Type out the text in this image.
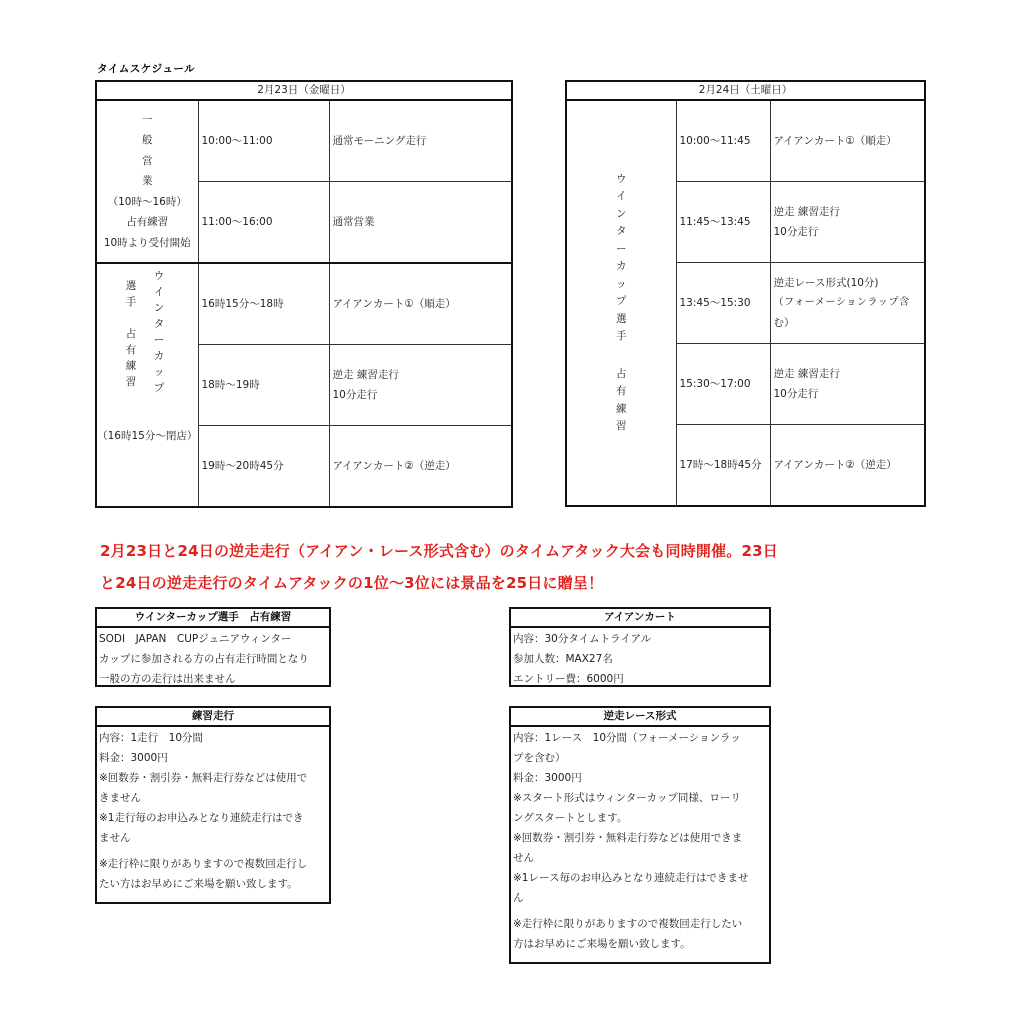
タイムスケジュール
2月23日（金曜日）		

一
般
営
業
（10時〜16時）
占有練習
10時より受付開始
	10:00〜11:00	通常モーニング走行

	11:00〜16:00	通常営業

選
手
占
有
練
習
ウ
イ
ン
タ
ー
カ
ッ
プ
（16時15分〜閉店）
	16時15分〜18時	アイアンカート①（順走）

	18時〜19時	逆走 練習走行
10分走行

	19時〜20時45分	アイアンカート②（逆走）
2月24日（土曜日）		

ウ
イ
ン
タ
ー
カ
ッ
プ
選
手
占
有
練
習
	10:00〜11:45	アイアンカート①（順走）

	11:45〜13:45	逆走 練習走行
10分走行

	13:45〜15:30	逆走レース形式(10分)
（フォーメーションラップ含
む）

	15:30〜17:00	逆走 練習走行
10分走行

	17時〜18時45分	アイアンカート②（逆走）
2月23日と24日の逆走走行（アイアン・レース形式含む）のタイムアタック大会も同時開催。23日
と24日の逆走走行のタイムアタックの1位〜3位には景品を25日に贈呈！
ウインターカップ選手　占有練習
SODI　JAPAN　CUPジュニアウィンター
カップに参加される方の占有走行時間となり
一般の方の走行は出来ません
アイアンカート
内容：30分タイムトライアル
参加人数：MAX27名
エントリー費：6000円
練習走行
内容：1走行　10分間
料金：3000円
※回数券・割引券・無料走行券などは使用で
きません
※1走行毎のお申込みとなり連続走行はでき
ません
※走行枠に限りがありますので複数回走行し
たい方はお早めにご来場を願い致します。
逆走レース形式
内容：1レース　10分間（フォーメーションラッ
プを含む）
料金：3000円
※スタート形式はウィンターカップ同様、ローリ
ングスタートとします。
※回数券・割引券・無料走行券などは使用できま
せん
※1レース毎のお申込みとなり連続走行はできませ
ん
※走行枠に限りがありますので複数回走行したい
方はお早めにご来場を願い致します。
